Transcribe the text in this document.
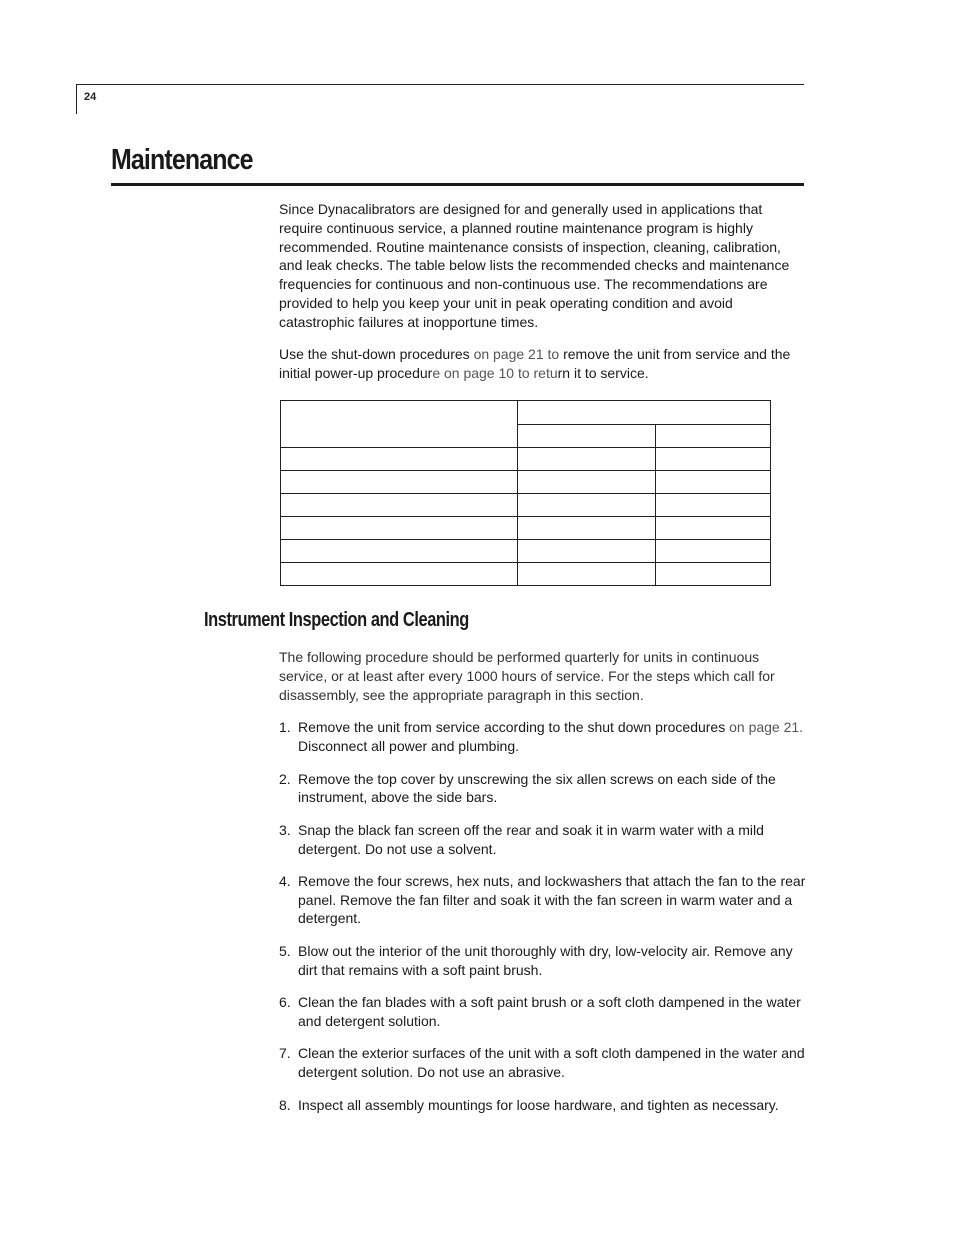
24
Maintenance

Since Dynacalibrators are designed for and generally used in applications that require continuous service, a planned routine maintenance program is highly recommended. Routine maintenance consists of inspection, cleaning, calibration, and leak checks. The table below lists the recommended checks and maintenance frequencies for continuous and non-continuous use. The recommendations are provided to help you keep your unit in peak operating condition and avoid catastrophic failures at inopportune times.

Use the shut-down procedures on page 21 to remove the unit from service and the initial power-up procedure on page 10 to return it to service.

Instrument Inspection and Cleaning

The following procedure should be performed quarterly for units in continuous service, or at least after every 1000 hours of service. For the steps which call for disassembly, see the appropriate paragraph in this section.

1. Remove the unit from service according to the shut down procedures on page 21. Disconnect all power and plumbing.
2. Remove the top cover by unscrewing the six allen screws on each side of the instrument, above the side bars.
3. Snap the black fan screen off the rear and soak it in warm water with a mild detergent. Do not use a solvent.
4. Remove the four screws, hex nuts, and lockwashers that attach the fan to the rear panel. Remove the fan filter and soak it with the fan screen in warm water and a detergent.
5. Blow out the interior of the unit thoroughly with dry, low-velocity air. Remove any dirt that remains with a soft paint brush.
6. Clean the fan blades with a soft paint brush or a soft cloth dampened in the water and detergent solution.
7. Clean the exterior surfaces of the unit with a soft cloth dampened in the water and detergent solution. Do not use an abrasive.
8. Inspect all assembly mountings for loose hardware, and tighten as necessary.
